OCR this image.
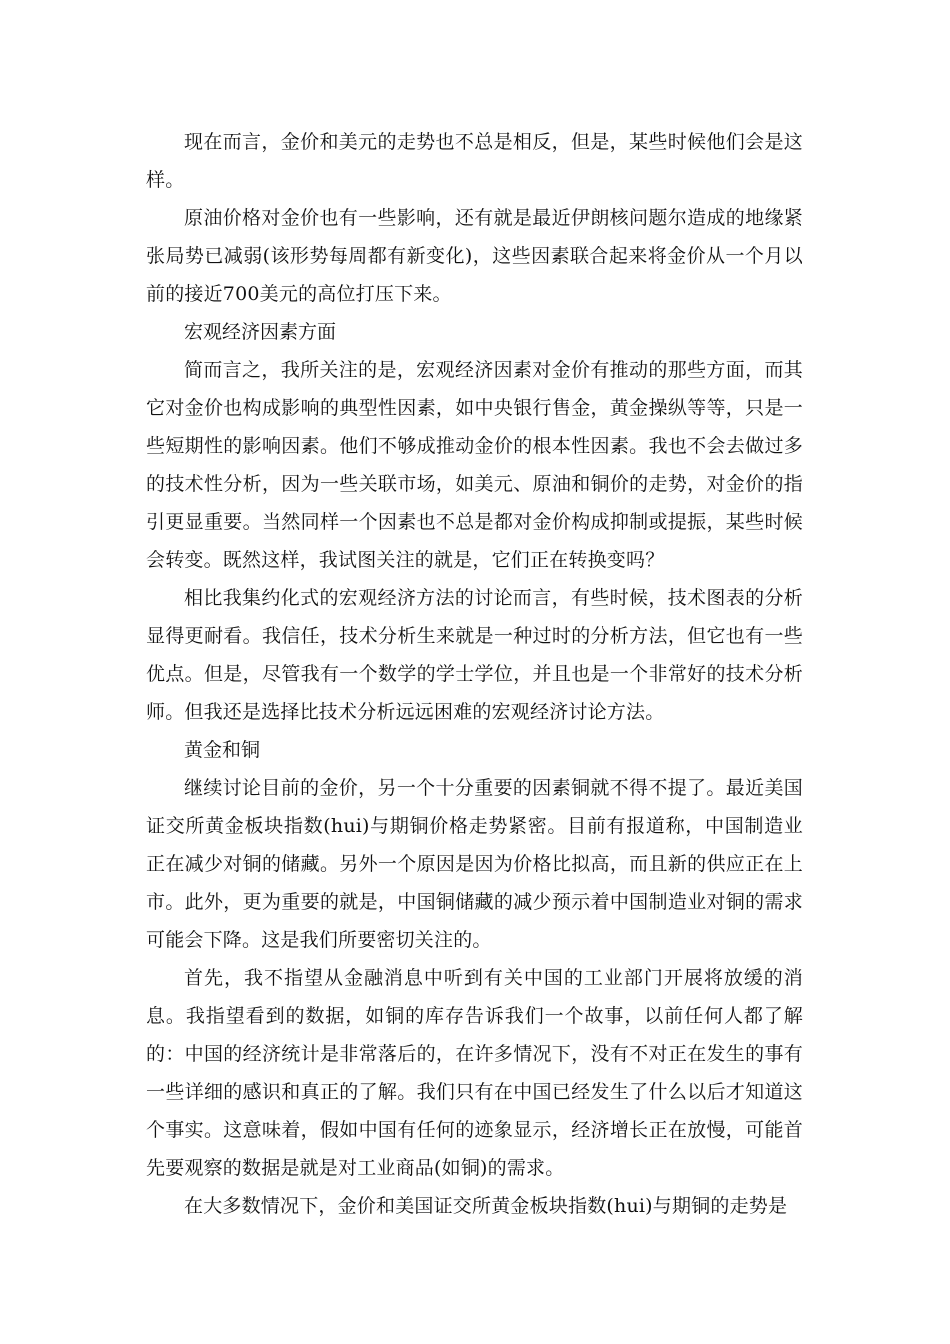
现在而言，金价和美元的走势也不总是相反，但是，某些时候他们会是这样。

原油价格对金价也有一些影响，还有就是最近伊朗核问题尔造成的地缘紧张局势已减弱(该形势每周都有新变化)，这些因素联合起来将金价从一个月以前的接近700美元的高位打压下来。

宏观经济因素方面

简而言之，我所关注的是，宏观经济因素对金价有推动的那些方面，而其它对金价也构成影响的典型性因素，如中央银行售金，黄金操纵等等，只是一些短期性的影响因素。他们不够成推动金价的根本性因素。我也不会去做过多的技术性分析，因为一些关联市场，如美元、原油和铜价的走势，对金价的指引更显重要。当然同样一个因素也不总是都对金价构成抑制或提振，某些时候会转变。既然这样，我试图关注的就是，它们正在转换变吗？

相比我集约化式的宏观经济方法的讨论而言，有些时候，技术图表的分析显得更耐看。我信任，技术分析生来就是一种过时的分析方法，但它也有一些优点。但是，尽管我有一个数学的学士学位，并且也是一个非常好的技术分析师。但我还是选择比技术分析远远困难的宏观经济讨论方法。

黄金和铜

继续讨论目前的金价，另一个十分重要的因素铜就不得不提了。最近美国证交所黄金板块指数(hui)与期铜价格走势紧密。目前有报道称，中国制造业正在减少对铜的储藏。另外一个原因是因为价格比拟高，而且新的供应正在上市。此外，更为重要的就是，中国铜储藏的减少预示着中国制造业对铜的需求可能会下降。这是我们所要密切关注的。

首先，我不指望从金融消息中听到有关中国的工业部门开展将放缓的消息。我指望看到的数据，如铜的库存告诉我们一个故事，以前任何人都了解的：中国的经济统计是非常落后的，在许多情况下，没有不对正在发生的事有一些详细的感识和真正的了解。我们只有在中国已经发生了什么以后才知道这个事实。这意味着，假如中国有任何的迹象显示，经济增长正在放慢，可能首先要观察的数据是就是对工业商品(如铜)的需求。

在大多数情况下，金价和美国证交所黄金板块指数(hui)与期铜的走势是
